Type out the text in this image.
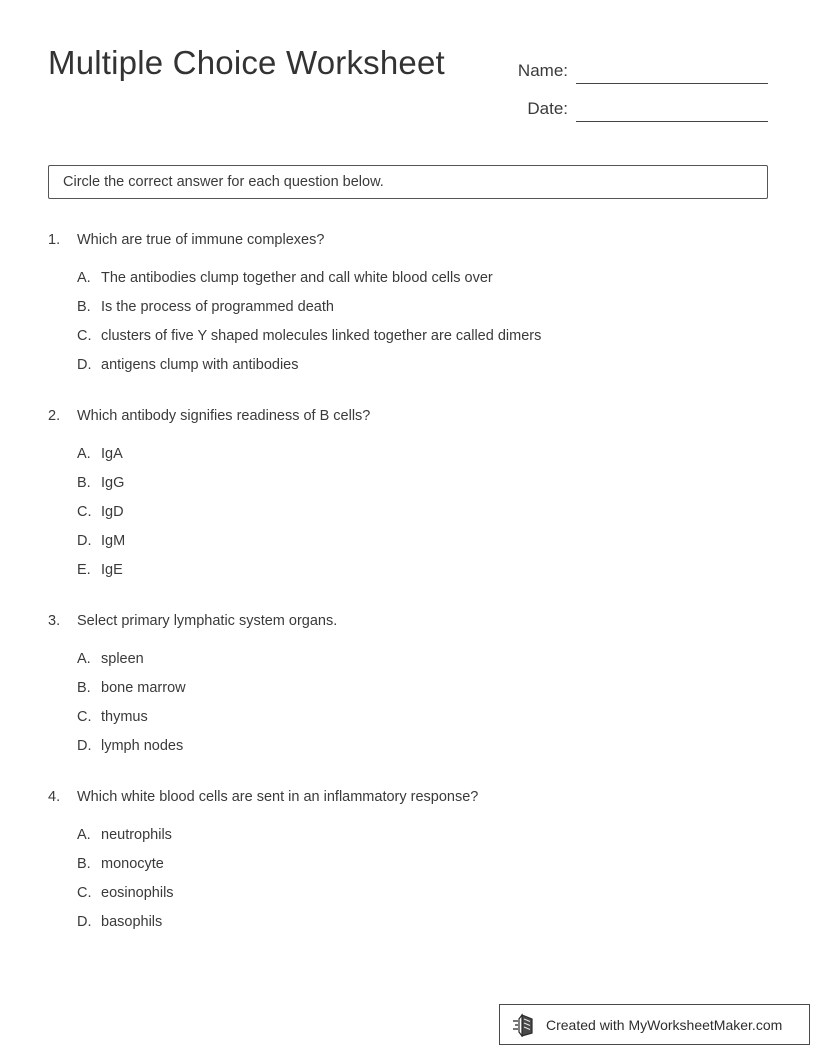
Multiple Choice Worksheet	Name:
Date:
Circle the correct answer for each question below.
1.	Which are true of immune complexes?
A. The antibodies clump together and call white blood cells over
B. Is the process of programmed death
C. clusters of five Y shaped molecules linked together are called dimers
D. antigens clump with antibodies
2.	Which antibody signifies readiness of B cells?
A. IgA
B. IgG
C. IgD
D. IgM
E. IgE
3.	Select primary lymphatic system organs.
A. spleen
B. bone marrow
C. thymus
D. lymph nodes
4.	Which white blood cells are sent in an inflammatory response?
A. neutrophils
B. monocyte
C. eosinophils
D. basophils
Created with MyWorksheetMaker.com
